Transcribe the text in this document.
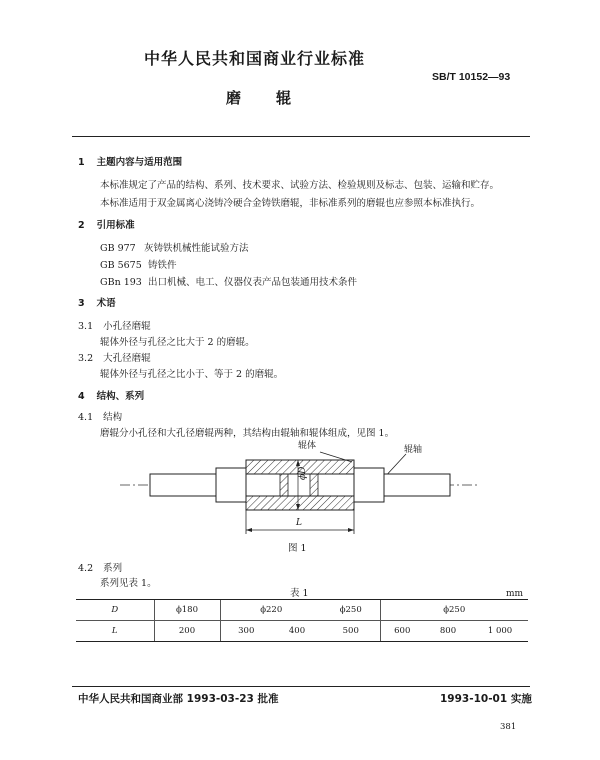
中华人民共和国商业行业标准
SB/T 10152—93
磨 辊
1 主题内容与适用范围
本标准规定了产品的结构、系列、技术要求、试验方法、检验规则及标志、包装、运输和贮存。
本标准适用于双金属离心浇铸冷硬合金铸铁磨辊，非标准系列的磨辊也应参照本标准执行。
2 引用标准
GB 977 灰铸铁机械性能试验方法
GB 5675 铸铁件
GBn 193 出口机械、电工、仪器仪表产品包装通用技术条件
3 术语
3.1 小孔径磨辊
辊体外径与孔径之比大于 2 的磨辊。
3.2 大孔径磨辊
辊体外径与孔径之比小于、等于 2 的磨辊。
4 结构、系列
4.1 结构
磨辊分小孔径和大孔径磨辊两种，其结构由辊轴和辊体组成，见图 1。
辊体	辊轴
ϕD
L
图 1
4.2 系列
系列见表 1。
表 1	mm
D	ϕ180	ϕ220		ϕ250	ϕ250		
L	200	300	400	500	600	800	1 000
中华人民共和国商业部 1993-03-23 批准	1993-10-01 实施
381
